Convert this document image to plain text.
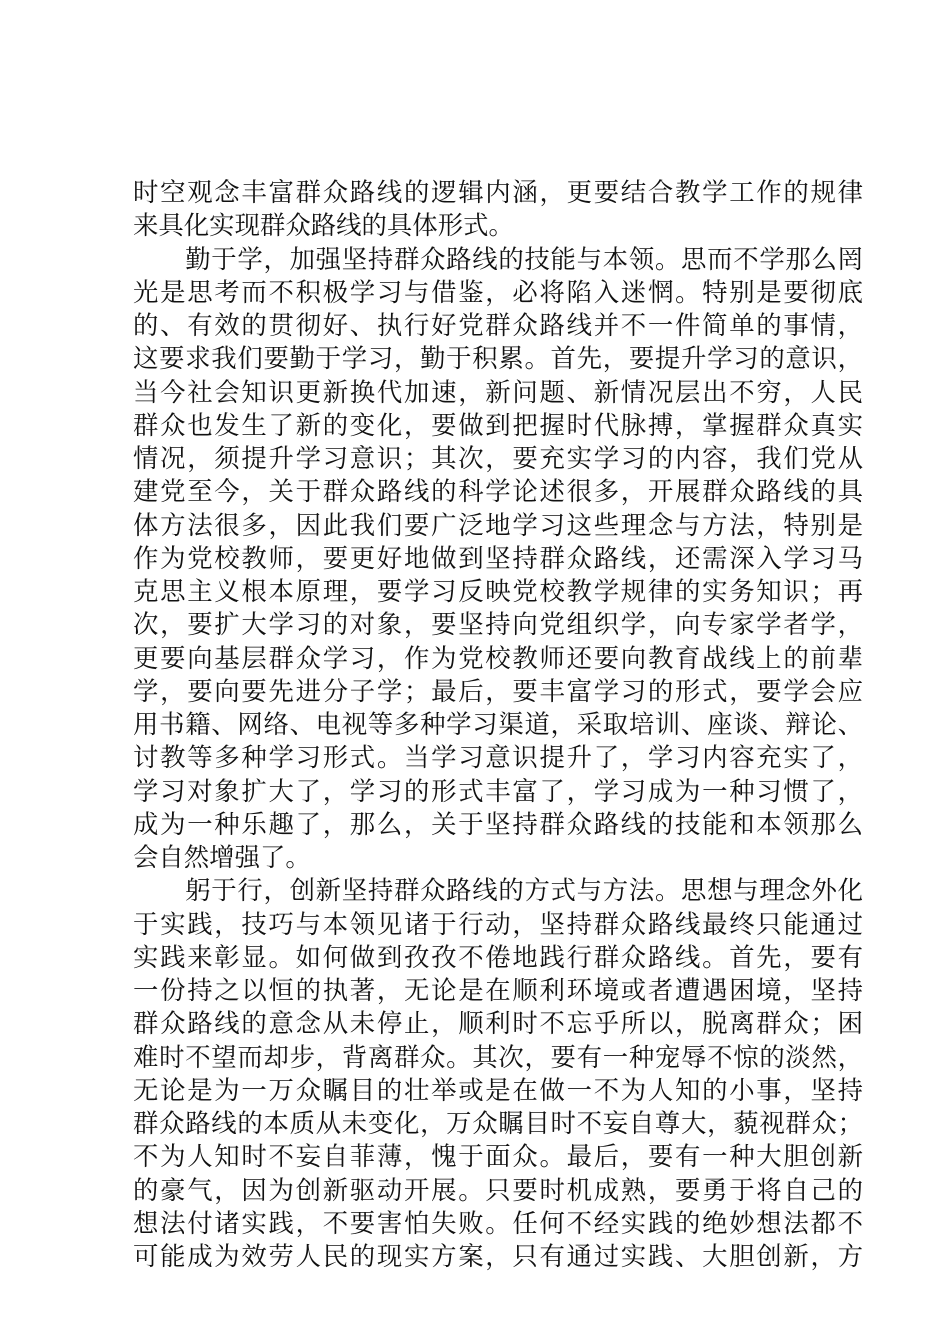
时空观念丰富群众路线的逻辑内涵，更要结合教学工作的规律
来具化实现群众路线的具体形式。
　　勤于学，加强坚持群众路线的技能与本领。思而不学那么罔
光是思考而不积极学习与借鉴，必将陷入迷惘。特别是要彻底
的、有效的贯彻好、执行好党群众路线并不一件简单的事情，
这要求我们要勤于学习，勤于积累。首先，要提升学习的意识，
当今社会知识更新换代加速，新问题、新情况层出不穷，人民
群众也发生了新的变化，要做到把握时代脉搏，掌握群众真实
情况，须提升学习意识；其次，要充实学习的内容，我们党从
建党至今，关于群众路线的科学论述很多，开展群众路线的具
体方法很多，因此我们要广泛地学习这些理念与方法，特别是
作为党校教师，要更好地做到坚持群众路线，还需深入学习马
克思主义根本原理，要学习反映党校教学规律的实务知识；再
次，要扩大学习的对象，要坚持向党组织学，向专家学者学，
更要向基层群众学习，作为党校教师还要向教育战线上的前辈
学，要向要先进分子学；最后，要丰富学习的形式，要学会应
用书籍、网络、电视等多种学习渠道，采取培训、座谈、辩论、
讨教等多种学习形式。当学习意识提升了，学习内容充实了，
学习对象扩大了，学习的形式丰富了，学习成为一种习惯了，
成为一种乐趣了，那么，关于坚持群众路线的技能和本领那么
会自然增强了。
　　躬于行，创新坚持群众路线的方式与方法。思想与理念外化
于实践，技巧与本领见诸于行动，坚持群众路线最终只能通过
实践来彰显。如何做到孜孜不倦地践行群众路线。首先，要有
一份持之以恒的执著，无论是在顺利环境或者遭遇困境，坚持
群众路线的意念从未停止，顺利时不忘乎所以，脱离群众；困
难时不望而却步，背离群众。其次，要有一种宠辱不惊的淡然，
无论是为一万众瞩目的壮举或是在做一不为人知的小事，坚持
群众路线的本质从未变化，万众瞩目时不妄自尊大，藐视群众；
不为人知时不妄自菲薄，愧于面众。最后，要有一种大胆创新
的豪气，因为创新驱动开展。只要时机成熟，要勇于将自己的
想法付诸实践，不要害怕失败。任何不经实践的绝妙想法都不
可能成为效劳人民的现实方案，只有通过实践、大胆创新，方
